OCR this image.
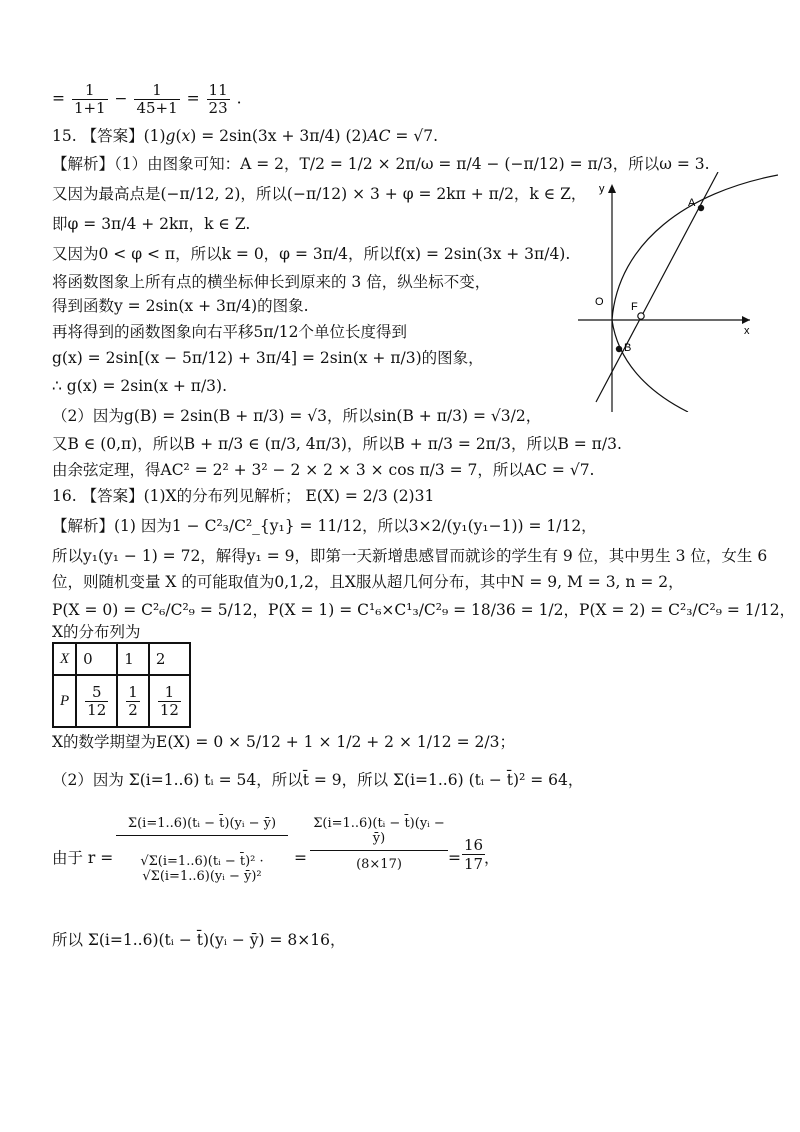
= $\frac{1}{1+1} - \frac{1}{45+1} = \frac{11}{23}$ .
15. 【答案】(1)𝑔(𝑥) = 2sin(3x + 3π/4) (2)𝐴𝐶 = √7.
【解析】（1）由图象可知：A = 2，T/2 = 1/2 × 2π/ω = π/4 − (−π/12) = π/3，所以ω = 3.
又因为最高点是(−π/12, 2)，所以(−π/12) × 3 + φ = 2kπ + π/2，k ∈ Z，
即φ = 3π/4 + 2kπ，k ∈ Z.
又因为0 < φ < π，所以k = 0，φ = 3π/4，所以f(x) = 2sin(3x + 3π/4).
将函数图象上所有点的横坐标伸长到原来的 3 倍，纵坐标不变，
得到函数y = 2sin(x + 3π/4)的图象.
再将得到的函数图象向右平移5π/12个单位长度得到
g(x) = 2sin[(x − 5π/12) + 3π/4] = 2sin(x + π/3)的图象，
∴ g(x) = 2sin(x + π/3).
（2）因为g(B) = 2sin(B + π/3) = √3，所以sin(B + π/3) = √3/2，
又B ∈ (0,π)，所以B + π/3 ∈ (π/3, 4π/3)，所以B + π/3 = 2π/3，所以B = π/3.
由余弦定理，得AC² = 2² + 3² − 2 × 2 × 3 × cos π/3 = 7，所以AC = √7.
16. 【答案】(1)X的分布列见解析； E(X) = 2/3 (2)31
【解析】(1) 因为1 − C²₃/C²_{y₁} = 11/12，所以3×2/(y₁(y₁−1)) = 1/12，
所以y₁(y₁ − 1) = 72，解得y₁ = 9，即第一天新增患感冒而就诊的学生有 9 位，其中男生 3 位，女生 6
位，则随机变量 X 的可能取值为0,1,2，且X服从超几何分布，其中N = 9, M = 3, n = 2，
P(X = 0) = C²₆/C²₉ = 5/12，P(X = 1) = C¹₆×C¹₃/C²₉ = 18/36 = 1/2，P(X = 2) = C²₃/C²₉ = 1/12，
X的分布列为
X	0	1	2
P	$\frac{5}{12}$	$\frac{1}{2}$	$\frac{1}{12}$
X的数学期望为E(X) = 0 × 5/12 + 1 × 1/2 + 2 × 1/12 = 2/3；
（2）因为 Σ(i=1..6) tᵢ = 54，所以t̄ = 9，所以 Σ(i=1..6) (tᵢ − t̄)² = 64，
由于 $r = \frac{\text{Σ(i=1..6)(tᵢ − t̄)(yᵢ − ȳ)}}{\text{√Σ(i=1..6)(tᵢ − t̄)² · √Σ(i=1..6)(yᵢ − ȳ)²}} = \frac{\text{Σ(i=1..6)(tᵢ − t̄)(yᵢ − ȳ)}}{(8\times 17)} = \frac{16}{17}$
，
所以 Σ(i=1..6)(tᵢ − t̄)(yᵢ − ȳ) = 8×16，
y
x
O
A
F
B
